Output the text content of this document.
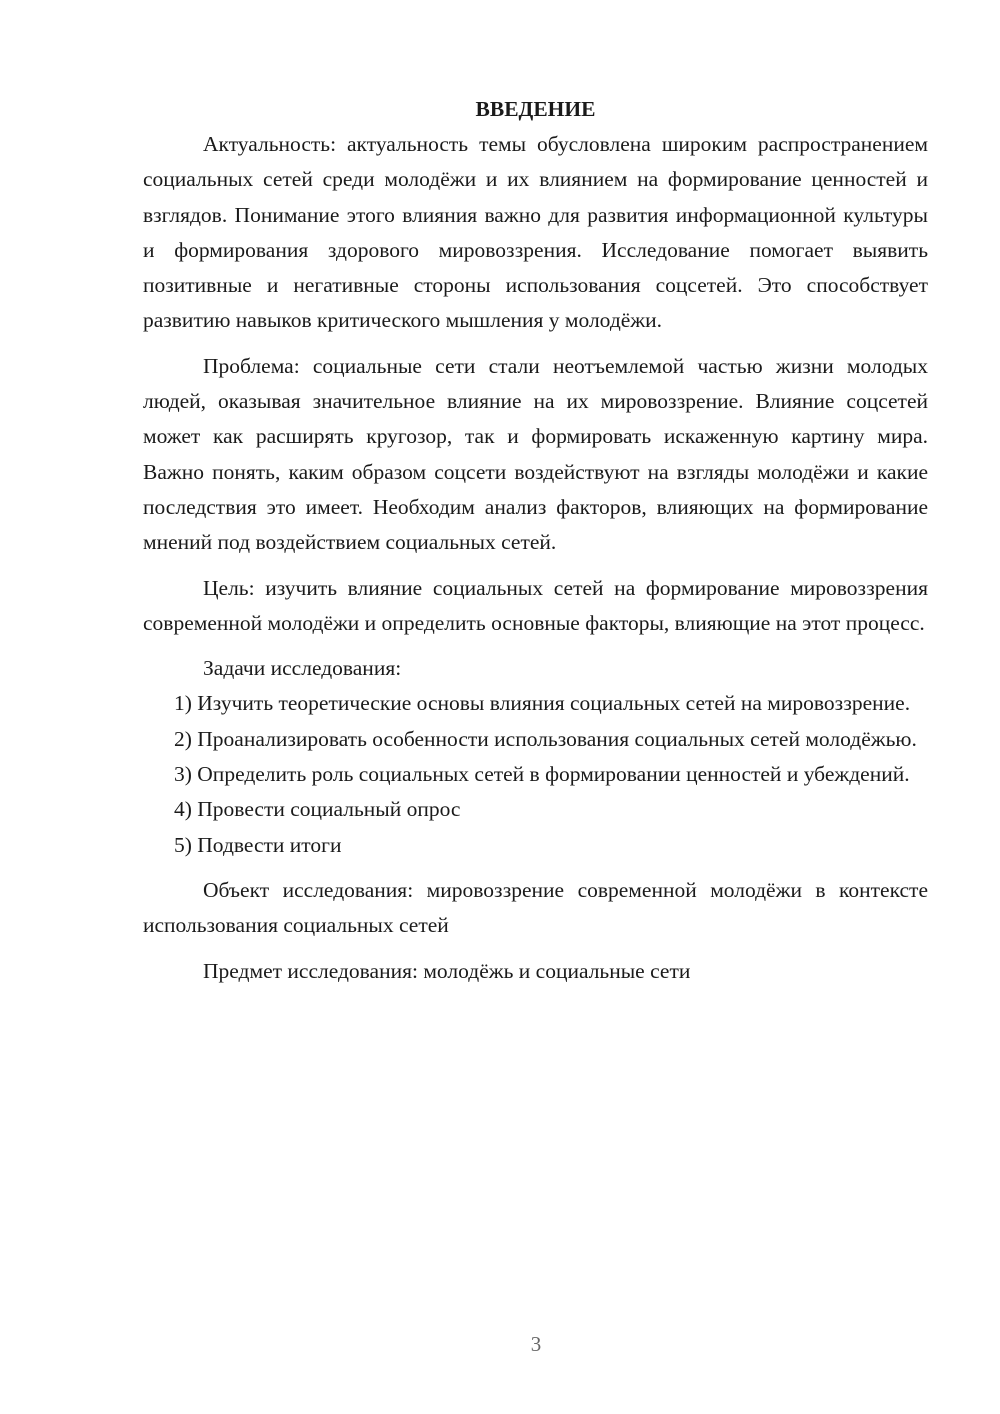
ВВЕДЕНИЕ

Актуальность: актуальность темы обусловлена широким распространением социальных сетей среди молодёжи и их влиянием на формирование ценностей и взглядов. Понимание этого влияния важно для развития информационной культуры и формирования здорового мировоззрения. Исследование помогает выявить позитивные и негативные стороны использования соцсетей. Это способствует развитию навыков критического мышления у молодёжи.

Проблема: социальные сети стали неотъемлемой частью жизни молодых людей, оказывая значительное влияние на их мировоззрение. Влияние соцсетей может как расширять кругозор, так и формировать искаженную картину мира. Важно понять, каким образом соцсети воздействуют на взгляды молодёжи и какие последствия это имеет. Необходим анализ факторов, влияющих на формирование мнений под воздействием социальных сетей.

Цель: изучить влияние социальных сетей на формирование мировоззрения современной молодёжи и определить основные факторы, влияющие на этот процесс.

Задачи исследования:

1) Изучить теоретические основы влияния социальных сетей на мировоззрение.

2) Проанализировать особенности использования социальных сетей молодёжью.

3) Определить роль социальных сетей в формировании ценностей и убеждений.

4) Провести социальный опрос

5) Подвести итоги

Объект исследования: мировоззрение современной молодёжи в контексте использования социальных сетей

Предмет исследования: молодёжь и социальные сети

3
